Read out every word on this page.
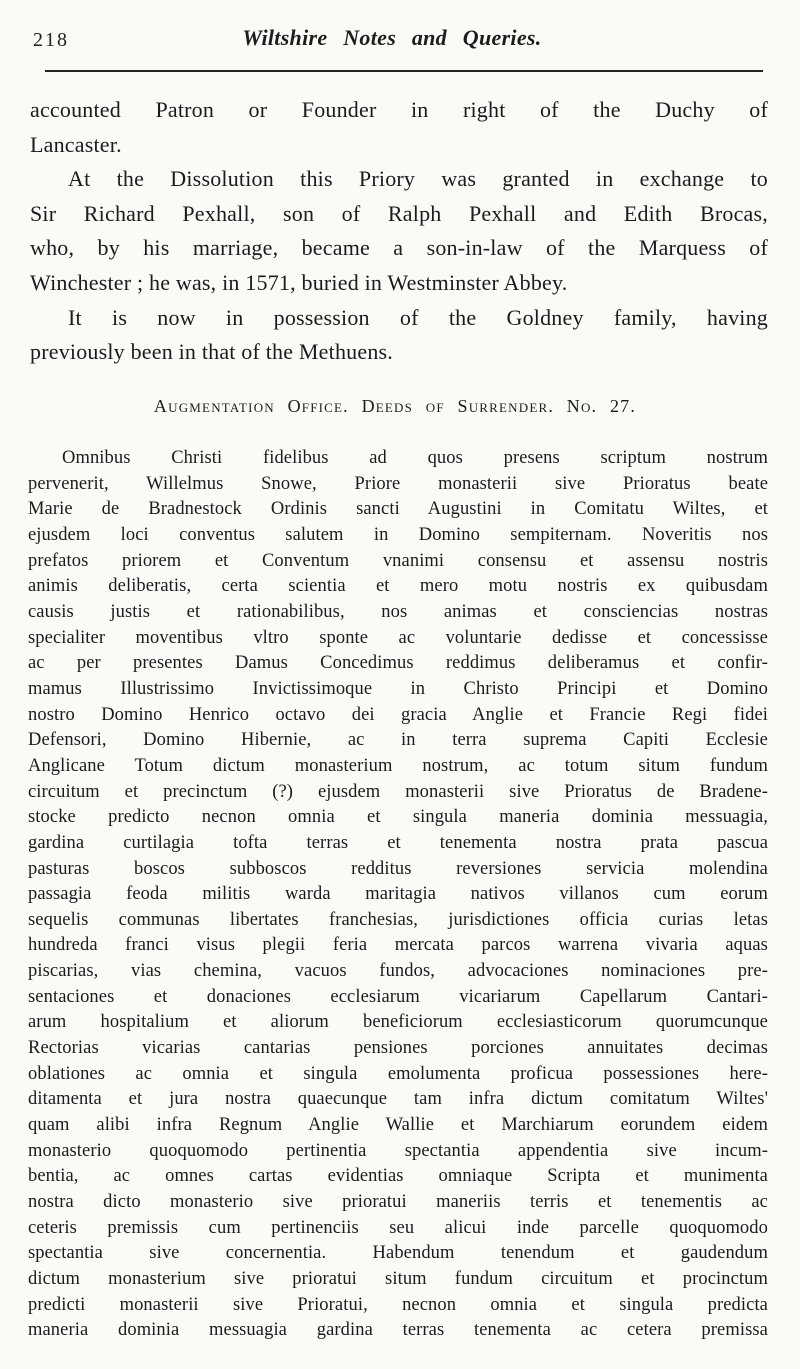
218	Wiltshire Notes and Queries.
accounted Patron or Founder in right of the Duchy of
Lancaster.
At the Dissolution this Priory was granted in exchange to
Sir Richard Pexhall, son of Ralph Pexhall and Edith Brocas,
who, by his marriage, became a son-in-law of the Marquess of
Winchester ; he was, in 1571, buried in Westminster Abbey.
It is now in possession of the Goldney family, having
previously been in that of the Methuens.
Augmentation Office. Deeds of Surrender. No. 27.
Omnibus Christi fidelibus ad quos presens scriptum nostrum
pervenerit, Willelmus Snowe, Priore monasterii sive Prioratus beate
Marie de Bradnestock Ordinis sancti Augustini in Comitatu Wiltes, et
ejusdem loci conventus salutem in Domino sempiternam. Noveritis nos
prefatos priorem et Conventum vnanimi consensu et assensu nostris
animis deliberatis, certa scientia et mero motu nostris ex quibusdam
causis justis et rationabilibus, nos animas et consciencias nostras
specialiter moventibus vltro sponte ac voluntarie dedisse et concessisse
ac per presentes Damus Concedimus reddimus deliberamus et confir-
mamus Illustrissimo Invictissimoque in Christo Principi et Domino
nostro Domino Henrico octavo dei gracia Anglie et Francie Regi fidei
Defensori, Domino Hibernie, ac in terra suprema Capiti Ecclesie
Anglicane Totum dictum monasterium nostrum, ac totum situm fundum
circuitum et precinctum (?) ejusdem monasterii sive Prioratus de Bradene-
stocke predicto necnon omnia et singula maneria dominia messuagia,
gardina curtilagia tofta terras et tenementa nostra prata pascua
pasturas boscos subboscos redditus reversiones servicia molendina
passagia feoda militis warda maritagia nativos villanos cum eorum
sequelis communas libertates franchesias, jurisdictiones officia curias letas
hundreda franci visus plegii feria mercata parcos warrena vivaria aquas
piscarias, vias chemina, vacuos fundos, advocaciones nominaciones pre-
sentaciones et donaciones ecclesiarum vicariarum Capellarum Cantari-
arum hospitalium et aliorum beneficiorum ecclesiasticorum quorumcunque
Rectorias vicarias cantarias pensiones porciones annuitates decimas
oblationes ac omnia et singula emolumenta proficua possessiones here-
ditamenta et jura nostra quaecunque tam infra dictum comitatum Wiltes'
quam alibi infra Regnum Anglie Wallie et Marchiarum eorundem eidem
monasterio quoquomodo pertinentia spectantia appendentia sive incum-
bentia, ac omnes cartas evidentias omniaque Scripta et munimenta
nostra dicto monasterio sive prioratui maneriis terris et tenementis ac
ceteris premissis cum pertinenciis seu alicui inde parcelle quoquomodo
spectantia sive concernentia. Habendum tenendum et gaudendum
dictum monasterium sive prioratui situm fundum circuitum et procinctum
predicti monasterii sive Prioratui, necnon omnia et singula predicta
maneria dominia messuagia gardina terras tenementa ac cetera premissa
